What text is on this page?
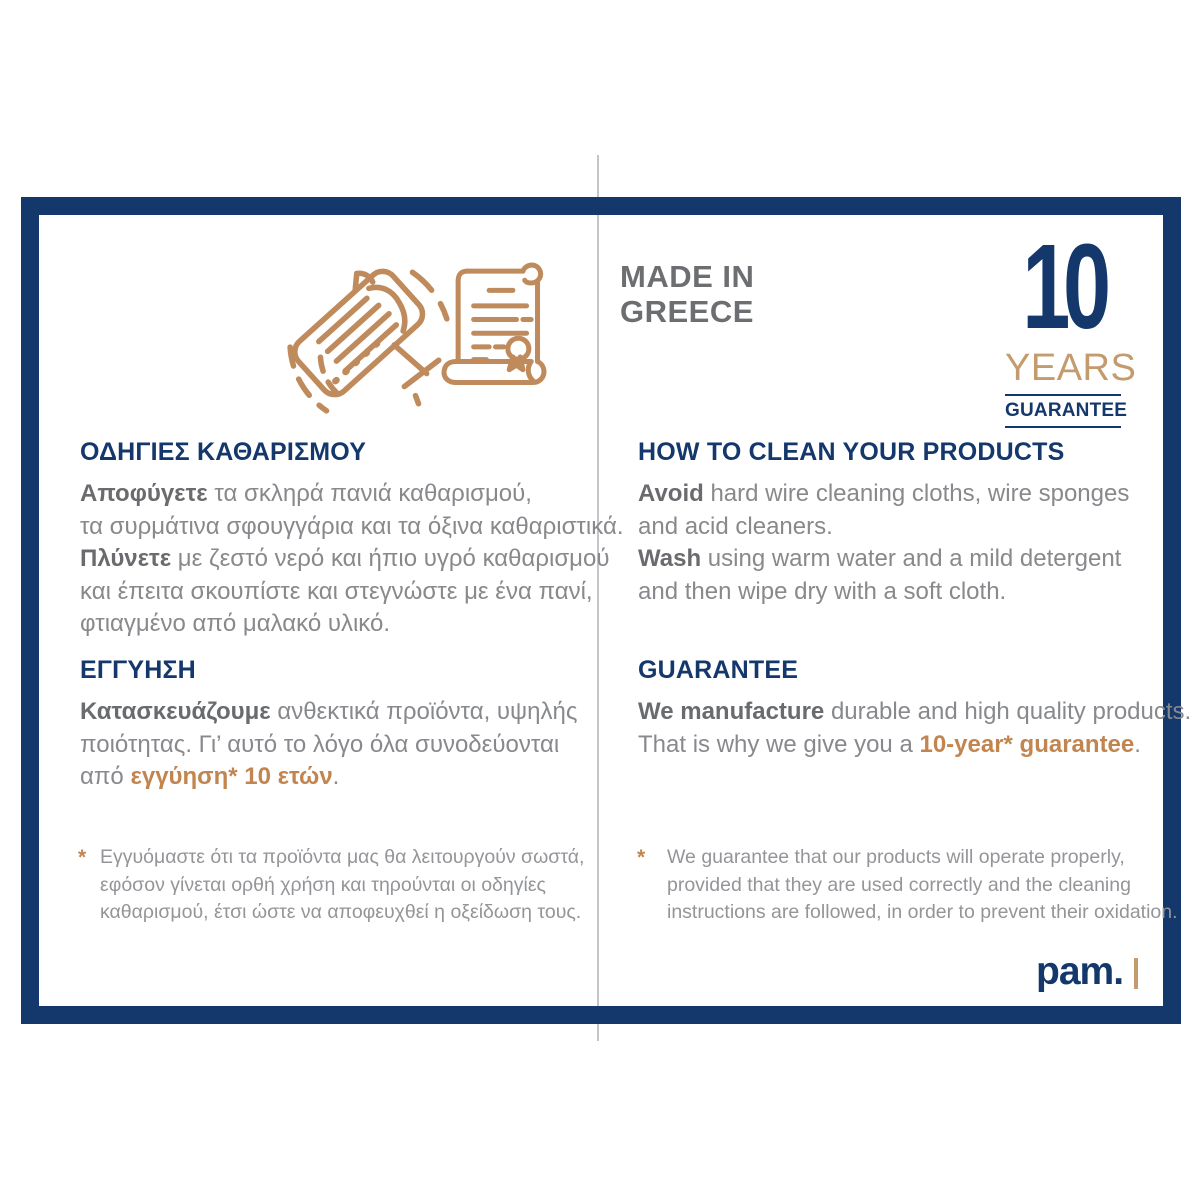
MADE IN
GREECE	10
YEARS
GUARANTEE
ΟΔΗΓΙΕΣ ΚΑΘΑΡΙΣΜΟΥ
Αποφύγετε τα σκληρά πανιά καθαρισμού,
τα συρμάτινα σφουγγάρια και τα όξινα καθαριστικά.
Πλύνετε με ζεστό νερό και ήπιο υγρό καθαρισμού
και έπειτα σκουπίστε και στεγνώστε με ένα πανί,
φτιαγμένο από μαλακό υλικό.
ΕΓΓΥΗΣΗ
Κατασκευάζουμε ανθεκτικά προϊόντα, υψηλής
ποιότητας. Γι’ αυτό το λόγο όλα συνοδεύονται
από εγγύηση* 10 ετών.
* Εγγυόμαστε ότι τα προϊόντα μας θα λειτουργούν σωστά,
εφόσον γίνεται ορθή χρήση και τηρούνται οι οδηγίες
καθαρισμού, έτσι ώστε να αποφευχθεί η οξείδωση τους.
HOW TO CLEAN YOUR PRODUCTS
Avoid hard wire cleaning cloths, wire sponges
and acid cleaners.
Wash using warm water and a mild detergent
and then wipe dry with a soft cloth.
GUARANTEE
We manufacture durable and high quality products.
That is why we give you a 10-year* guarantee.
* We guarantee that our products will operate properly,
provided that they are used correctly and the cleaning
instructions are followed, in order to prevent their oxidation.
pam.
